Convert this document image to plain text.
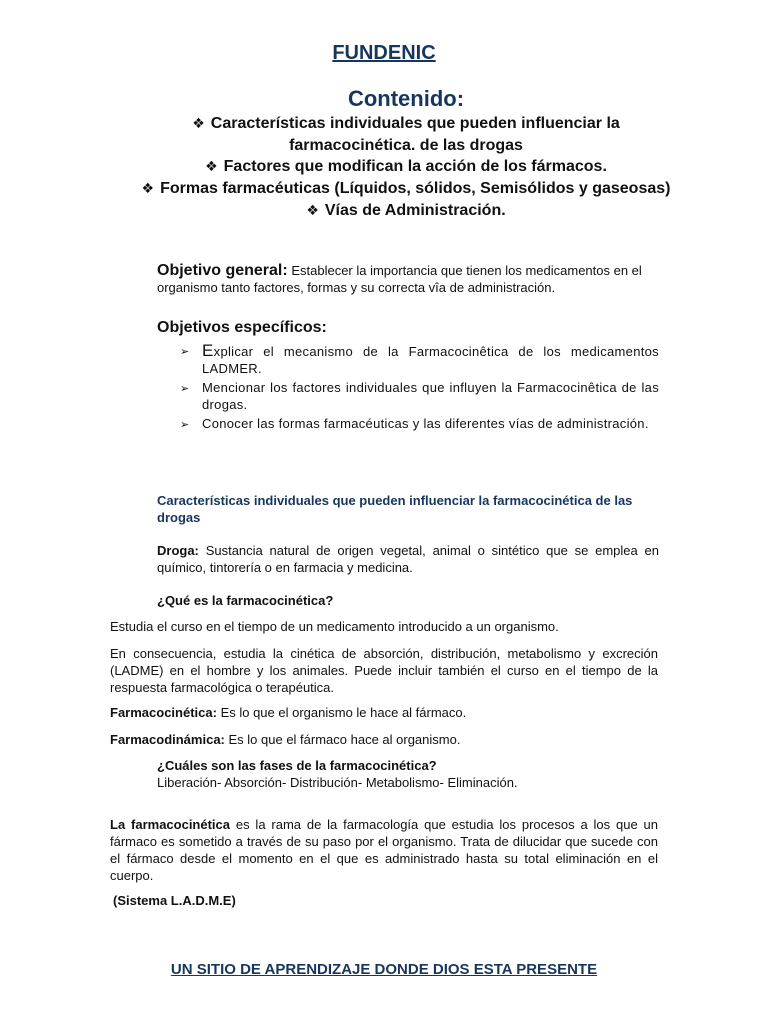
FUNDENIC
Contenido:
❖ Características individuales que pueden influenciar la farmacocinética. de las drogas
❖ Factores que modifican la acción de los fármacos.
❖ Formas farmacéuticas (Líquidos, sólidos, Semisólidos y gaseosas)
❖ Vías de Administración.
Objetivo general: Establecer la importancia que tienen los medicamentos en el organismo tanto factores, formas y su correcta vîa de administración.
Objetivos específicos:
➢ Explicar el mecanismo de la Farmacocinêtica de los medicamentos LADMER.
➢ Mencionar los factores individuales que influyen la Farmacocinêtica de las drogas.
➢ Conocer las formas farmacéuticas y las diferentes vías de administración.
Características individuales que pueden influenciar la farmacocinética de las drogas
Droga: Sustancia natural de origen vegetal, animal o sintético que se emplea en químico, tintorería o en farmacia y medicina.
¿Qué es la farmacocinética?
Estudia el curso en el tiempo de un medicamento introducido a un organismo.
En consecuencia, estudia la cinética de absorción, distribución, metabolismo y excreción (LADME) en el hombre y los animales. Puede incluir también el curso en el tiempo de la respuesta farmacológica o terapéutica.
Farmacocinética: Es lo que el organismo le hace al fármaco.
Farmacodinámica: Es lo que el fármaco hace al organismo.
¿Cuáles son las fases de la farmacocinética?
Liberación- Absorción- Distribución- Metabolismo- Eliminación.
La farmacocinética es la rama de la farmacología que estudia los procesos a los que un fármaco es sometido a través de su paso por el organismo. Trata de dilucidar que sucede con el fármaco desde el momento en el que es administrado hasta su total eliminación en el cuerpo.
(Sistema L.A.D.M.E)
UN SITIO DE APRENDIZAJE DONDE DIOS ESTA PRESENTE
